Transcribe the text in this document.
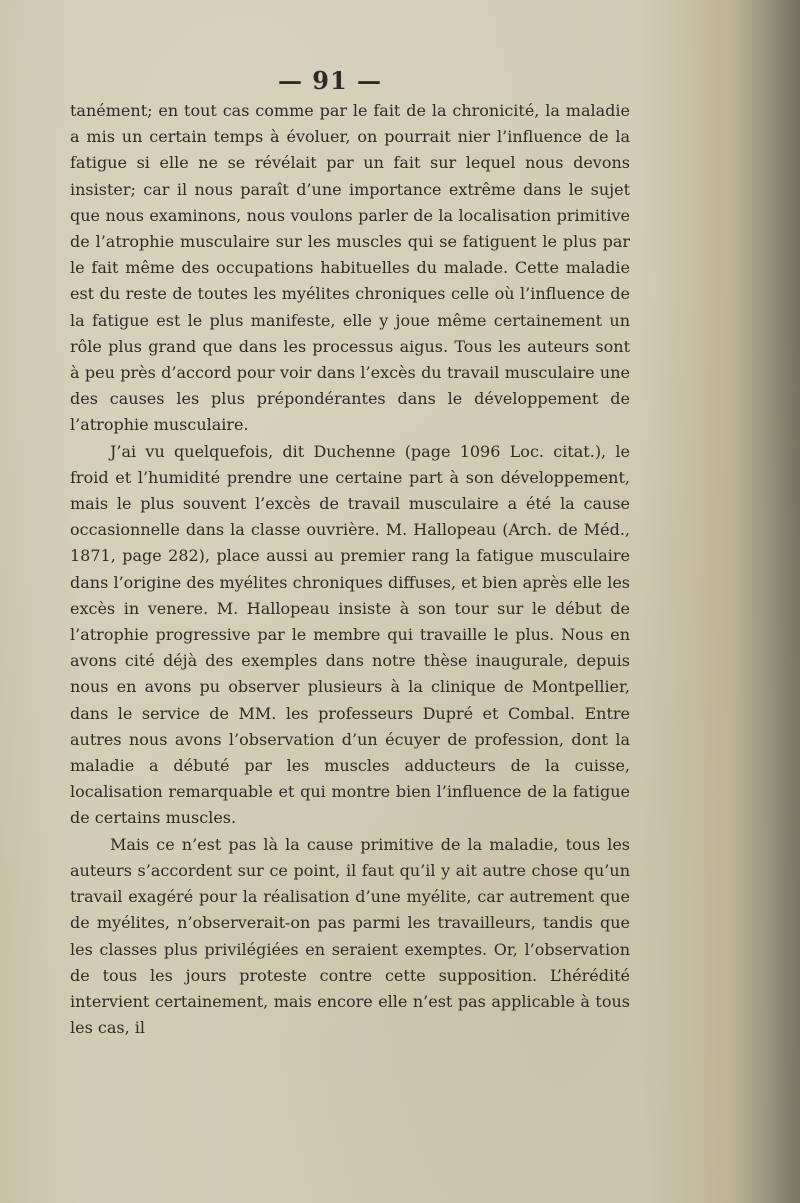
— 91 —

tanément; en tout cas comme par le fait de la chronicité, la maladie a mis un certain temps à évoluer, on pourrait nier l’influence de la fatigue si elle ne se révélait par un fait sur lequel nous devons insister; car il nous paraît d’une importance extrême dans le sujet que nous examinons, nous voulons parler de la localisation primitive de l’atrophie musculaire sur les muscles qui se fatiguent le plus par le fait même des occupations habituelles du malade. Cette maladie est du reste de toutes les myélites chroniques celle où l’influence de la fatigue est le plus manifeste, elle y joue même certainement un rôle plus grand que dans les processus aigus. Tous les auteurs sont à peu près d’accord pour voir dans l’excès du travail musculaire une des causes les plus prépondérantes dans le développement de l’atrophie musculaire.

J’ai vu quelquefois, dit Duchenne (page 1096 Loc. citat.), le froid et l’humidité prendre une certaine part à son développement, mais le plus souvent l’excès de travail musculaire a été la cause occasionnelle dans la classe ouvrière. M. Hallopeau (Arch. de Méd., 1871, page 282), place aussi au premier rang la fatigue musculaire dans l’origine des myélites chroniques diffuses, et bien après elle les excès in venere. M. Hallopeau insiste à son tour sur le début de l’atrophie progressive par le membre qui travaille le plus. Nous en avons cité déjà des exemples dans notre thèse inaugurale, depuis nous en avons pu observer plusieurs à la clinique de Montpellier, dans le service de MM. les professeurs Dupré et Combal. Entre autres nous avons l’observation d’un écuyer de profession, dont la maladie a débuté par les muscles adducteurs de la cuisse, localisation remarquable et qui montre bien l’influence de la fatigue de certains muscles.

Mais ce n’est pas là la cause primitive de la maladie, tous les auteurs s’accordent sur ce point, il faut qu’il y ait autre chose qu’un travail exagéré pour la réalisation d’une myélite, car autrement que de myélites, n’observerait-on pas parmi les travailleurs, tandis que les classes plus privilégiées en seraient exemptes. Or, l’observation de tous les jours proteste contre cette supposition. L’hérédité intervient certainement, mais encore elle n’est pas applicable à tous les cas, il
